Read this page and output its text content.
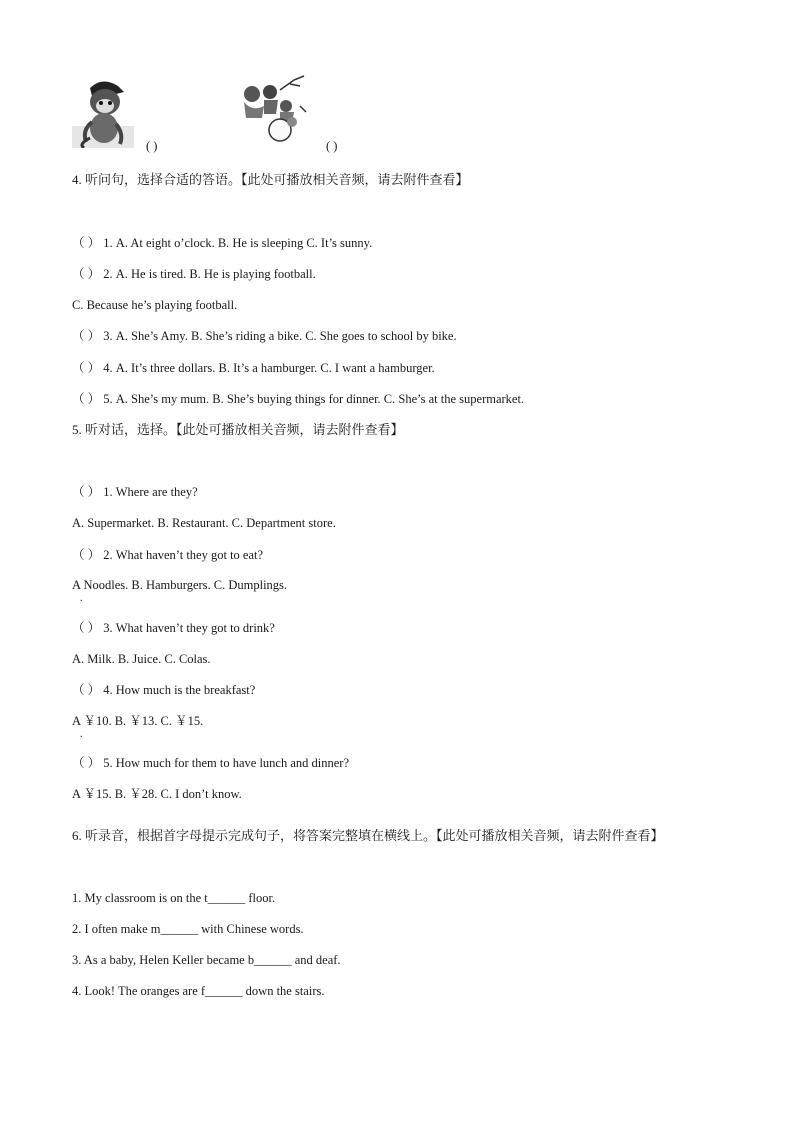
( )	( )
4. 听问句，选择合适的答语。【此处可播放相关音频，请去附件查看】
（ ） 1. A. At eight o’clock. B. He is sleeping C. It’s sunny.
（ ） 2. A. He is tired. B. He is playing football.
C. Because he’s playing football.
（ ） 3. A. She’s Amy. B. She’s riding a bike. C. She goes to school by bike.
（ ） 4. A. It’s three dollars. B. It’s a hamburger. C. I want a hamburger.
（ ） 5. A. She’s my mum. B. She’s buying things for dinner. C. She’s at the supermarket.
5. 听对话，选择。【此处可播放相关音频，请去附件查看】
（ ） 1. Where are they?
A. Supermarket. B. Restaurant. C. Department store.
（ ） 2. What haven’t they got to eat?
A Noodles. B. Hamburgers. C. Dumplings.
.
（ ） 3. What haven’t they got to drink?
A. Milk. B. Juice. C. Colas.
（ ） 4. How much is the breakfast?
A ￥10. B. ￥13. C. ￥15.
.
（ ） 5. How much for them to have lunch and dinner?
A ￥15. B. ￥28. C. I don’t know.
6. 听录音，根据首字母提示完成句子，将答案完整填在横线上。【此处可播放相关音频，请去附件查看】
1. My classroom is on the t______ floor.
2. I often make m______ with Chinese words.
3. As a baby, Helen Keller became b______ and deaf.
4. Look! The oranges are f______ down the stairs.
